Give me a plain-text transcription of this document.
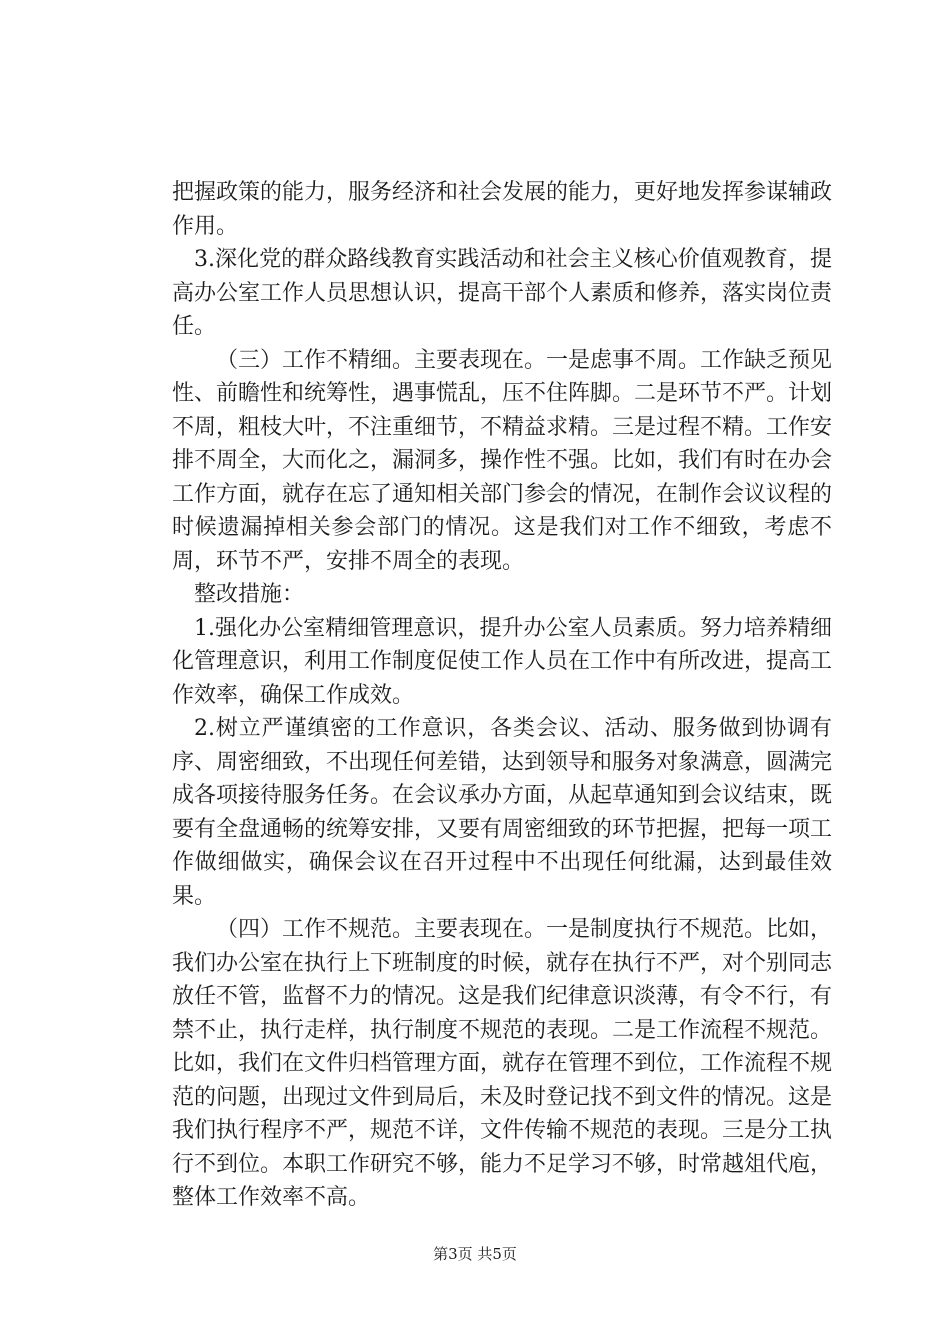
把握政策的能力，服务经济和社会发展的能力，更好地发挥参谋辅政作用。

3.深化党的群众路线教育实践活动和社会主义核心价值观教育，提高办公室工作人员思想认识，提高干部个人素质和修养，落实岗位责任。

（三）工作不精细。主要表现在。一是虑事不周。工作缺乏预见性、前瞻性和统筹性，遇事慌乱，压不住阵脚。二是环节不严。计划不周，粗枝大叶，不注重细节，不精益求精。三是过程不精。工作安排不周全，大而化之，漏洞多，操作性不强。比如，我们有时在办会工作方面，就存在忘了通知相关部门参会的情况，在制作会议议程的时候遗漏掉相关参会部门的情况。这是我们对工作不细致，考虑不周，环节不严，安排不周全的表现。

整改措施：

1.强化办公室精细管理意识，提升办公室人员素质。努力培养精细化管理意识，利用工作制度促使工作人员在工作中有所改进，提高工作效率，确保工作成效。

2.树立严谨缜密的工作意识，各类会议、活动、服务做到协调有序、周密细致，不出现任何差错，达到领导和服务对象满意，圆满完成各项接待服务任务。在会议承办方面，从起草通知到会议结束，既要有全盘通畅的统筹安排，又要有周密细致的环节把握，把每一项工作做细做实，确保会议在召开过程中不出现任何纰漏，达到最佳效果。

（四）工作不规范。主要表现在。一是制度执行不规范。比如，我们办公室在执行上下班制度的时候，就存在执行不严，对个别同志放任不管，监督不力的情况。这是我们纪律意识淡薄，有令不行，有禁不止，执行走样，执行制度不规范的表现。二是工作流程不规范。比如，我们在文件归档管理方面，就存在管理不到位，工作流程不规范的问题，出现过文件到局后，未及时登记找不到文件的情况。这是我们执行程序不严，规范不详，文件传输不规范的表现。三是分工执行不到位。本职工作研究不够，能力不足学习不够，时常越俎代庖，整体工作效率不高。

第3页 共5页
